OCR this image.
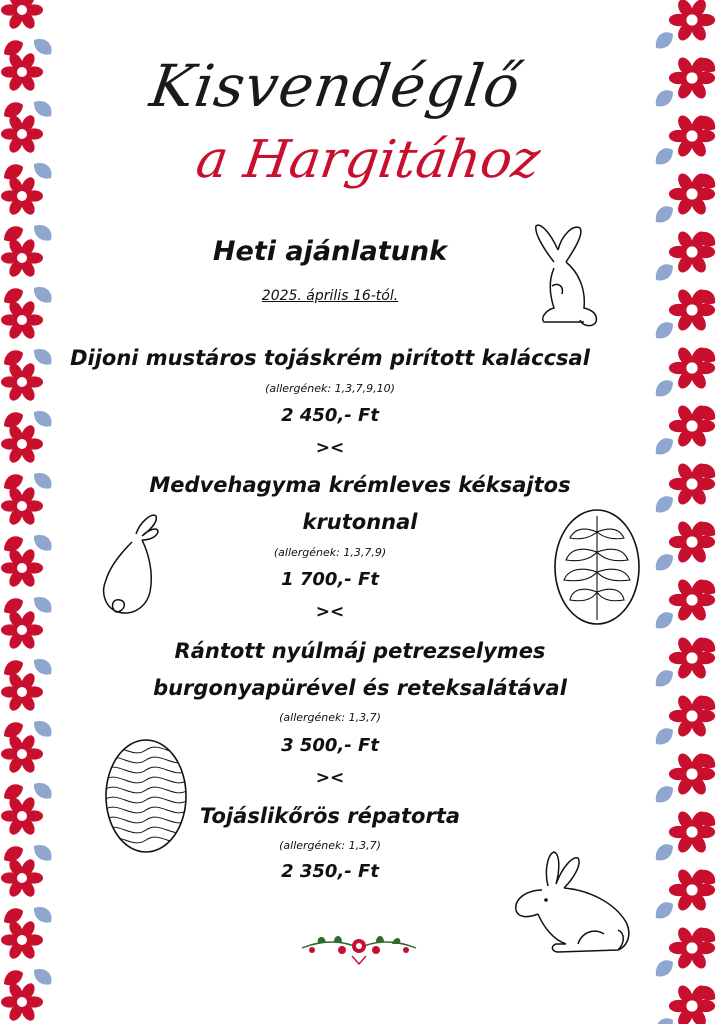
Kisvendéglő
a Hargitához
Heti ajánlatunk
2025. április 16-tól.
Dijoni mustáros tojáskrém pirított kaláccsal
(allergének: 1,3,7,9,10)
2 450,- Ft
><
Medvehagyma krémleves kéksajtos krutonnal
(allergének: 1,3,7,9)
1 700,- Ft
><
Rántott nyúlmáj petrezselymes burgonyapürével és reteksalátával
(allergének: 1,3,7)
3 500,- Ft
><
Tojáslikőrös répatorta
(allergének: 1,3,7)
2 350,- Ft
